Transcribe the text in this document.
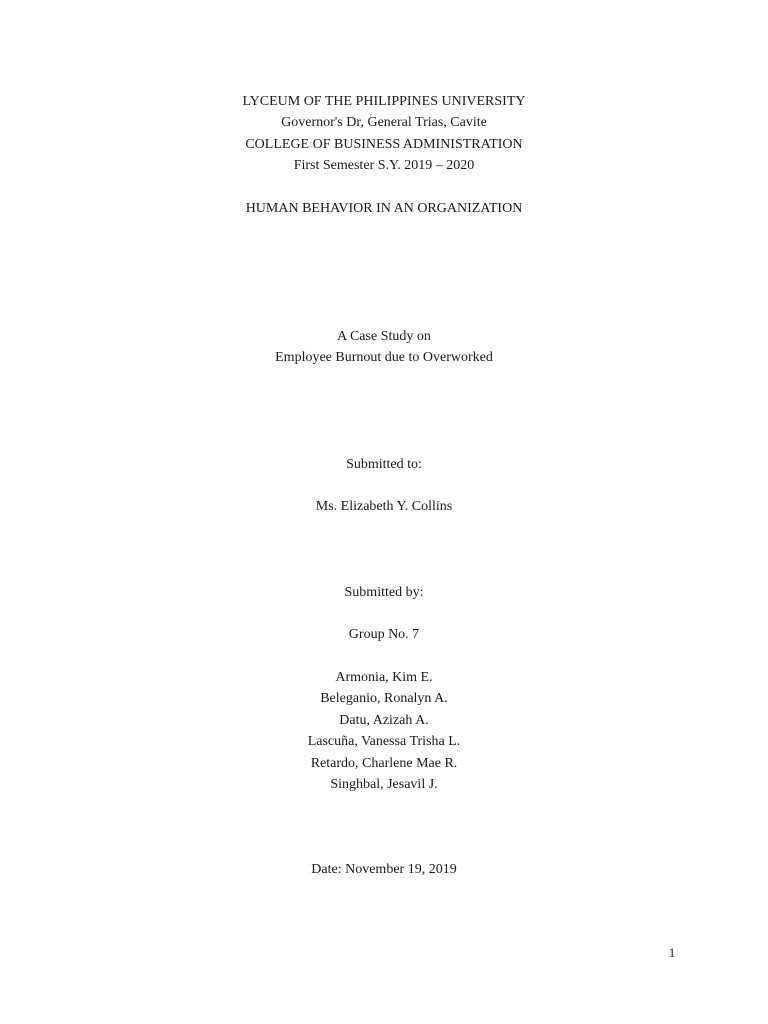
LYCEUM OF THE PHILIPPINES UNIVERSITY
Governor's Dr, General Trias, Cavite
COLLEGE OF BUSINESS ADMINISTRATION
First Semester S.Y. 2019 – 2020
HUMAN BEHAVIOR IN AN ORGANIZATION
A Case Study on
Employee Burnout due to Overworked
Submitted to:
Ms. Elizabeth Y. Collins
Submitted by:
Group No. 7
Armonia, Kim E.
Beleganio, Ronalyn A.
Datu, Azizah A.
Lascuña, Vanessa Trisha L.
Retardo, Charlene Mae R.
Singhbal, Jesavil J.
Date: November 19, 2019
1
